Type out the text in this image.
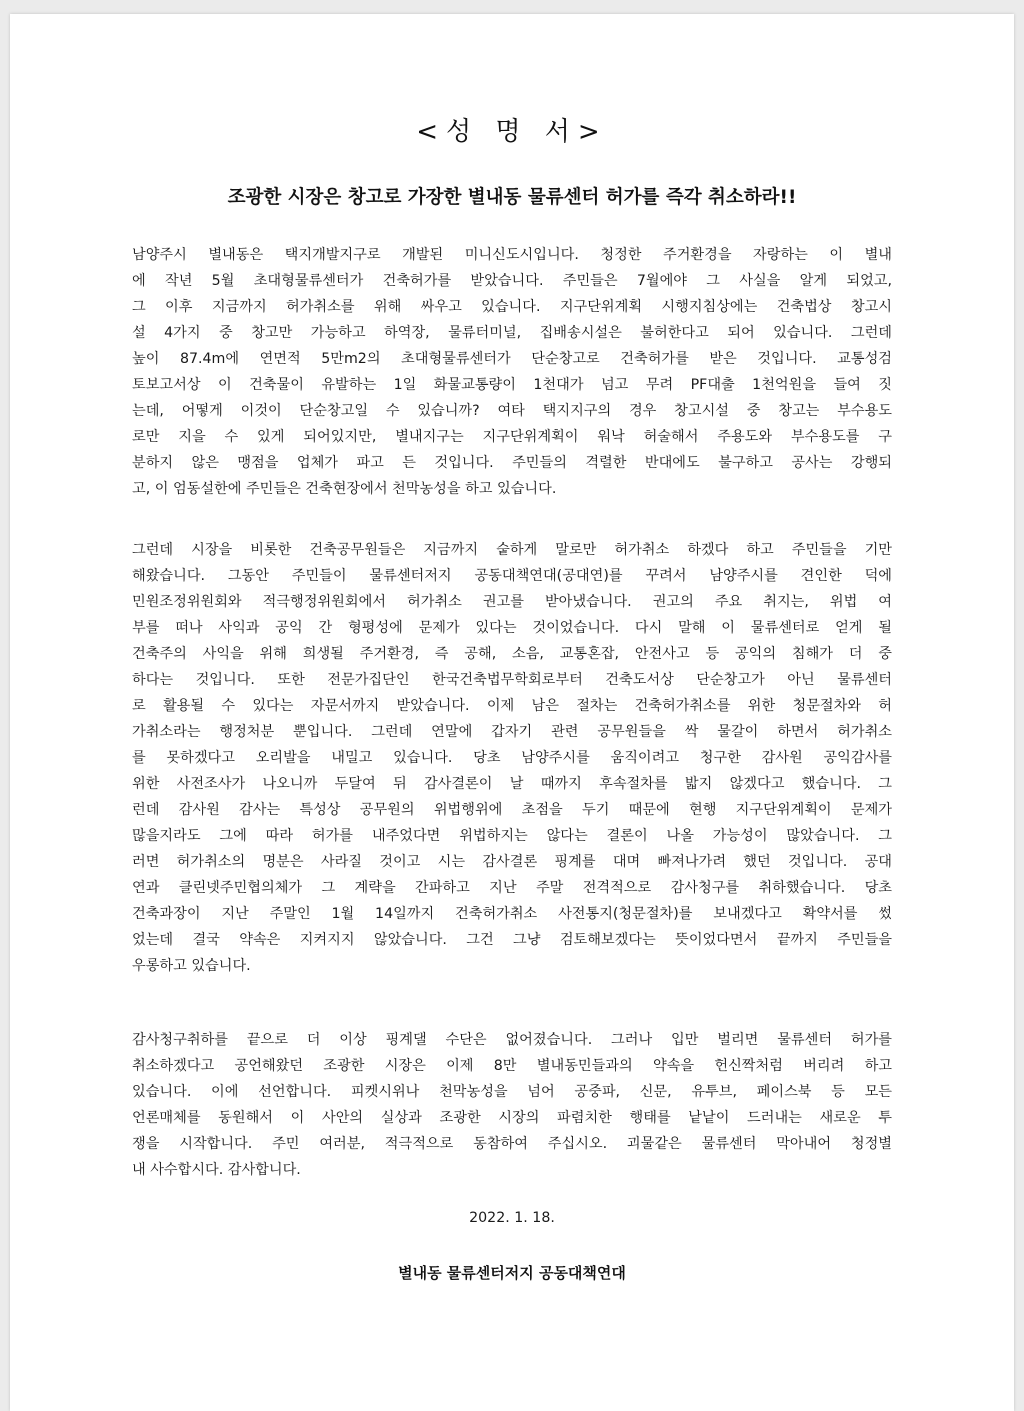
<성 명 서>
조광한 시장은 창고로 가장한 별내동 물류센터 허가를 즉각 취소하라!!
남양주시 별내동은 택지개발지구로 개발된 미니신도시입니다. 청정한 주거환경을 자랑하는 이 별내
에 작년 5월 초대형물류센터가 건축허가를 받았습니다. 주민들은 7월에야 그 사실을 알게 되었고,
그 이후 지금까지 허가취소를 위해 싸우고 있습니다. 지구단위계획 시행지침상에는 건축법상 창고시
설 4가지 중 창고만 가능하고 하역장, 물류터미널, 집배송시설은 불허한다고 되어 있습니다. 그런데
높이 87.4m에 연면적 5만m2의 초대형물류센터가 단순창고로 건축허가를 받은 것입니다. 교통성검
토보고서상 이 건축물이 유발하는 1일 화물교통량이 1천대가 넘고 무려 PF대출 1천억원을 들여 짓
는데, 어떻게 이것이 단순창고일 수 있습니까? 여타 택지지구의 경우 창고시설 중 창고는 부수용도
로만 지을 수 있게 되어있지만, 별내지구는 지구단위계획이 워낙 허술해서 주용도와 부수용도를 구
분하지 않은 맹점을 업체가 파고 든 것입니다. 주민들의 격렬한 반대에도 불구하고 공사는 강행되
고, 이 엄동설한에 주민들은 건축현장에서 천막농성을 하고 있습니다.
그런데 시장을 비롯한 건축공무원들은 지금까지 숱하게 말로만 허가취소 하겠다 하고 주민들을 기만
해왔습니다. 그동안 주민들이 물류센터저지 공동대책연대(공대연)를 꾸려서 남양주시를 견인한 덕에
민원조정위원회와 적극행정위원회에서 허가취소 권고를 받아냈습니다. 권고의 주요 취지는, 위법 여
부를 떠나 사익과 공익 간 형평성에 문제가 있다는 것이었습니다. 다시 말해 이 물류센터로 얻게 될
건축주의 사익을 위해 희생될 주거환경, 즉 공해, 소음, 교통혼잡, 안전사고 등 공익의 침해가 더 중
하다는 것입니다. 또한 전문가집단인 한국건축법무학회로부터 건축도서상 단순창고가 아닌 물류센터
로 활용될 수 있다는 자문서까지 받았습니다. 이제 남은 절차는 건축허가취소를 위한 청문절차와 허
가취소라는 행정처분 뿐입니다. 그런데 연말에 갑자기 관련 공무원들을 싹 물갈이 하면서 허가취소
를 못하겠다고 오리발을 내밀고 있습니다. 당초 남양주시를 움직이려고 청구한 감사원 공익감사를
위한 사전조사가 나오니까 두달여 뒤 감사결론이 날 때까지 후속절차를 밟지 않겠다고 했습니다. 그
런데 감사원 감사는 특성상 공무원의 위법행위에 초점을 두기 때문에 현행 지구단위계획이 문제가
많을지라도 그에 따라 허가를 내주었다면 위법하지는 않다는 결론이 나올 가능성이 많았습니다. 그
러면 허가취소의 명분은 사라질 것이고 시는 감사결론 핑계를 대며 빠져나가려 했던 것입니다. 공대
연과 클린넷주민협의체가 그 계략을 간파하고 지난 주말 전격적으로 감사청구를 취하했습니다. 당초
건축과장이 지난 주말인 1월 14일까지 건축허가취소 사전통지(청문절차)를 보내겠다고 확약서를 썼
었는데 결국 약속은 지켜지지 않았습니다. 그건 그냥 검토해보겠다는 뜻이었다면서 끝까지 주민들을
우롱하고 있습니다.
감사청구취하를 끝으로 더 이상 핑계댈 수단은 없어졌습니다. 그러나 입만 벌리면 물류센터 허가를
취소하겠다고 공언해왔던 조광한 시장은 이제 8만 별내동민들과의 약속을 헌신짝처럼 버리려 하고
있습니다. 이에 선언합니다. 피켓시위나 천막농성을 넘어 공중파, 신문, 유투브, 페이스북 등 모든
언론매체를 동원해서 이 사안의 실상과 조광한 시장의 파렴치한 행태를 낱낱이 드러내는 새로운 투
쟁을 시작합니다. 주민 여러분, 적극적으로 동참하여 주십시오. 괴물같은 물류센터 막아내어 청정별
내 사수합시다. 감사합니다.
2022. 1. 18.
별내동 물류센터저지 공동대책연대
